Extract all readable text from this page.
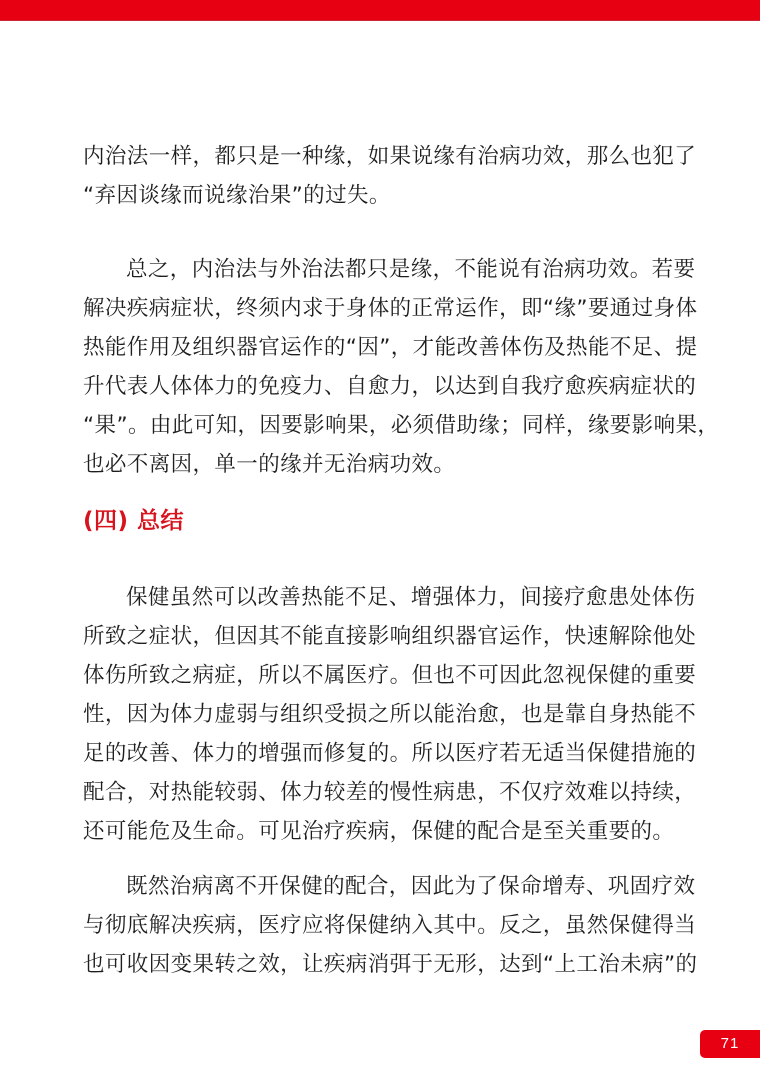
内治法一样，都只是一种缘，如果说缘有治病功效，那么也犯了
“弃因谈缘而说缘治果”的过失。
总之，内治法与外治法都只是缘，不能说有治病功效。若要
解决疾病症状，终须内求于身体的正常运作，即“缘”要通过身体
热能作用及组织器官运作的“因”，才能改善体伤及热能不足、提
升代表人体体力的免疫力、自愈力，以达到自我疗愈疾病症状的
“果”。由此可知，因要影响果，必须借助缘；同样，缘要影响果，
也必不离因，单一的缘并无治病功效。
(四) 总结
保健虽然可以改善热能不足、增强体力，间接疗愈患处体伤
所致之症状，但因其不能直接影响组织器官运作，快速解除他处
体伤所致之病症，所以不属医疗。但也不可因此忽视保健的重要
性，因为体力虚弱与组织受损之所以能治愈，也是靠自身热能不
足的改善、体力的增强而修复的。所以医疗若无适当保健措施的
配合，对热能较弱、体力较差的慢性病患，不仅疗效难以持续，
还可能危及生命。可见治疗疾病，保健的配合是至关重要的。
既然治病离不开保健的配合，因此为了保命增寿、巩固疗效
与彻底解决疾病，医疗应将保健纳入其中。反之，虽然保健得当
也可收因变果转之效，让疾病消弭于无形，达到“上工治未病”的
71
